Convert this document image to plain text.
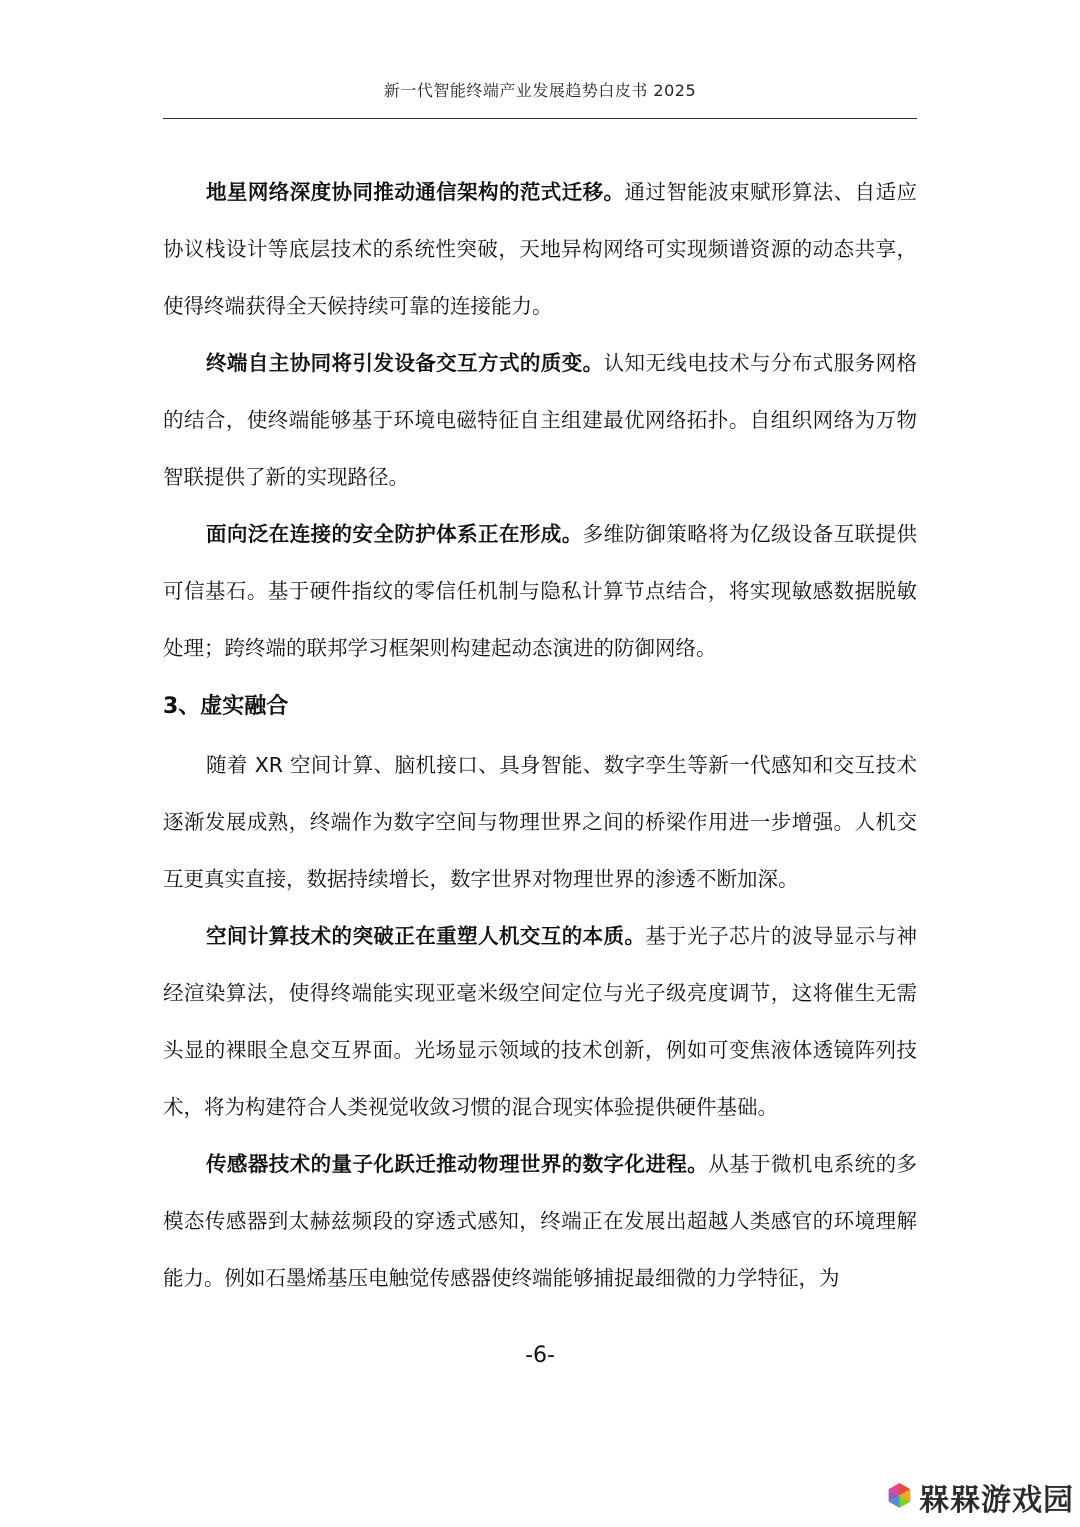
新一代智能终端产业发展趋势白皮书 2025

地星网络深度协同推动通信架构的范式迁移。通过智能波束赋形算法、自适应协议栈设计等底层技术的系统性突破，天地异构网络可实现频谱资源的动态共享，使得终端获得全天候持续可靠的连接能力。

终端自主协同将引发设备交互方式的质变。认知无线电技术与分布式服务网格的结合，使终端能够基于环境电磁特征自主组建最优网络拓扑。自组织网络为万物智联提供了新的实现路径。

面向泛在连接的安全防护体系正在形成。多维防御策略将为亿级设备互联提供可信基石。基于硬件指纹的零信任机制与隐私计算节点结合，将实现敏感数据脱敏处理；跨终端的联邦学习框架则构建起动态演进的防御网络。

3、虚实融合

随着 XR 空间计算、脑机接口、具身智能、数字孪生等新一代感知和交互技术逐渐发展成熟，终端作为数字空间与物理世界之间的桥梁作用进一步增强。人机交互更真实直接，数据持续增长，数字世界对物理世界的渗透不断加深。

空间计算技术的突破正在重塑人机交互的本质。基于光子芯片的波导显示与神经渲染算法，使得终端能实现亚毫米级空间定位与光子级亮度调节，这将催生无需头显的裸眼全息交互界面。光场显示领域的技术创新，例如可变焦液体透镜阵列技术，将为构建符合人类视觉收敛习惯的混合现实体验提供硬件基础。

传感器技术的量子化跃迁推动物理世界的数字化进程。从基于微机电系统的多模态传感器到太赫兹频段的穿透式感知，终端正在发展出超越人类感官的环境理解能力。例如石墨烯基压电触觉传感器使终端能够捕捉最细微的力学特征，为

-6-
槑槑游戏园
